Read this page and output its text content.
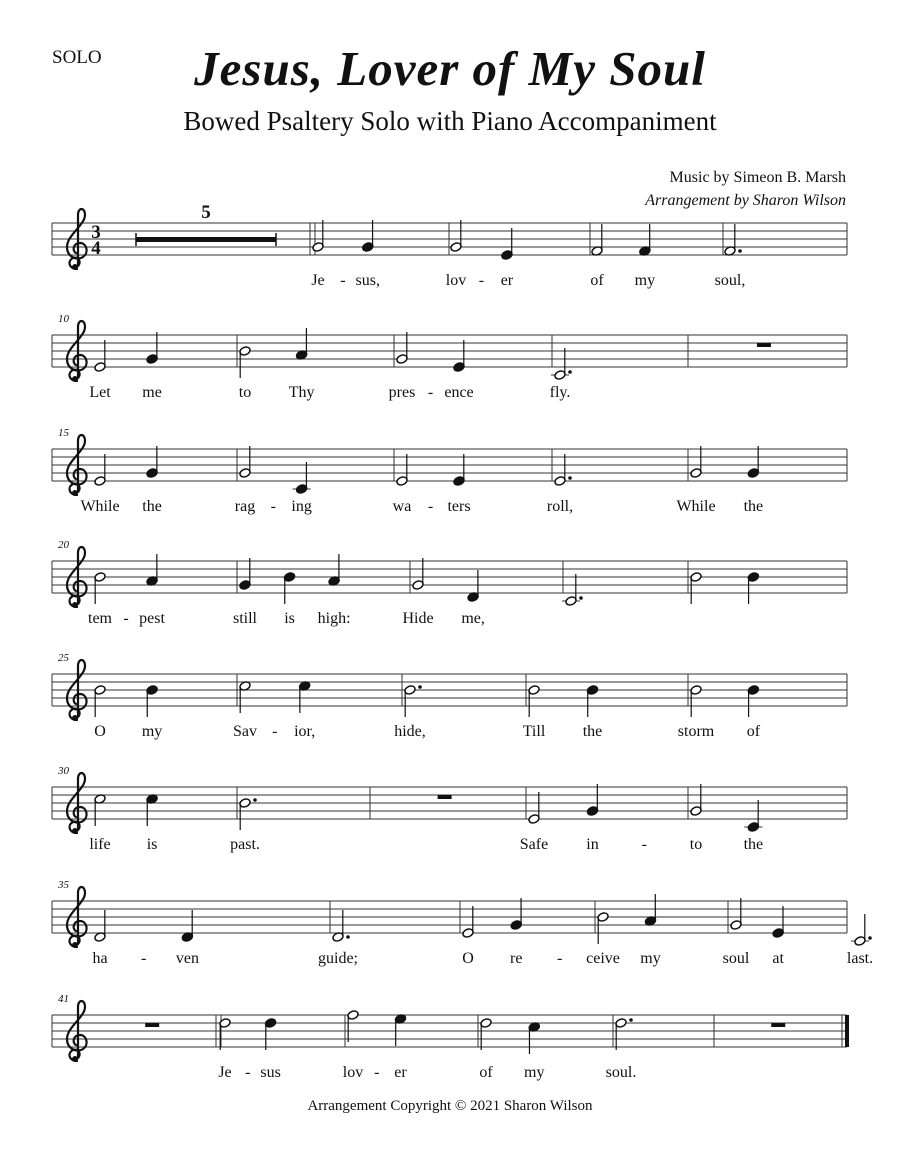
SOLO	Jesus, Lover of My Soul
Bowed Psaltery Solo with Piano Accompaniment
Music by Simeon B. Marsh
Arrangement by Sharon Wilson
3
4
5
Je - sus,	lov - er	of my	soul,
10
Let me	to Thy	pres - ence	fly.
15
While the	rag - ing	wa - ters	roll,	While the
20
tem - pest	still is high:	Hide me,
25
O my	Sav - ior,	hide,	Till the	storm of
30
life is	past.	Safe in	-	to	the
35
ha - ven	guide;	O re - ceive my	soul at	last.
41
Je - sus	lov - er	of my	soul.
Arrangement Copyright © 2021 Sharon Wilson
